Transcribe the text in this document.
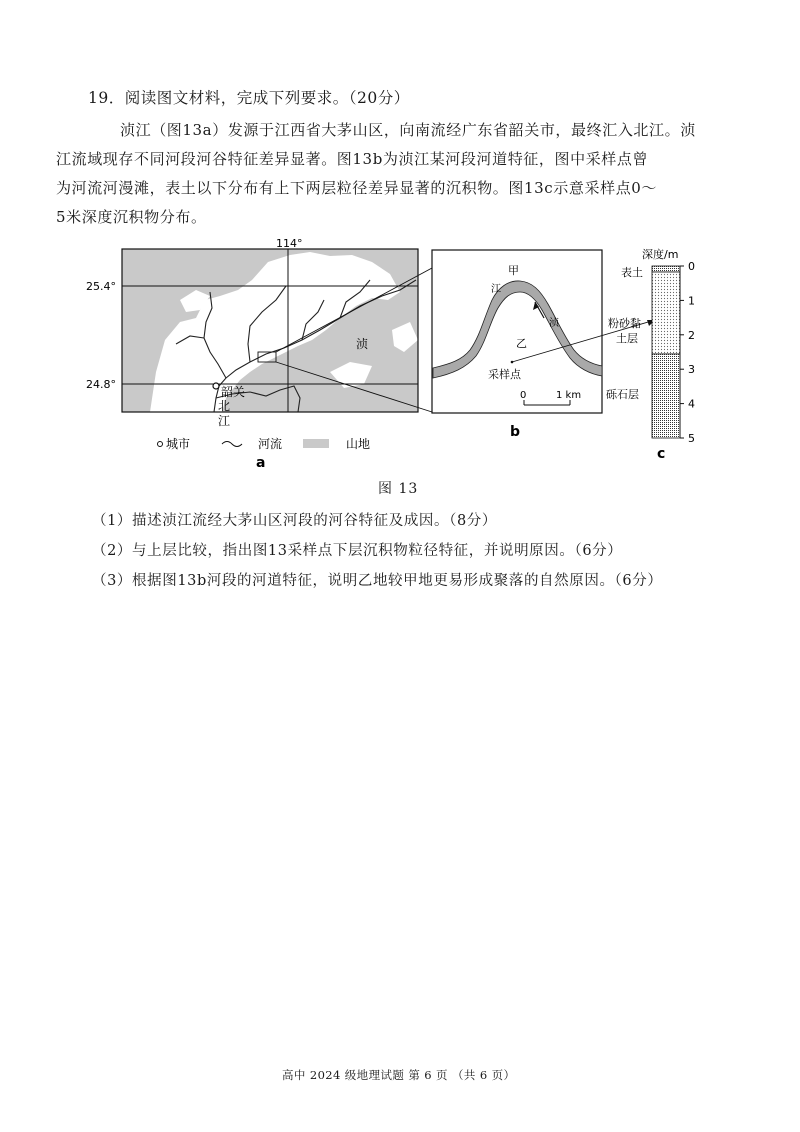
19．阅读图文材料，完成下列要求。（20分）

浈江（图13a）发源于江西省大茅山区，向南流经广东省韶关市，最终汇入北江。浈

江流域现存不同河段河谷特征差异显著。图13b为浈江某河段河道特征，图中采样点曾

为河流河漫滩，表土以下分布有上下两层粒径差异显著的沉积物。图13c示意采样点0～

5米深度沉积物分布。

114°
25.4°
24.8°
浈
韶关
北
江
城市	河流	山地
a
甲
江
浈
乙
采样点
0	1 km
b
深度/m
0
1
2
3
4
5
表土
粉砂黏
土层
砾石层
c
图 13
（1）描述浈江流经大茅山区河段的河谷特征及成因。（8分）
（2）与上层比较，指出图13采样点下层沉积物粒径特征，并说明原因。（6分）
（3）根据图13b河段的河道特征，说明乙地较甲地更易形成聚落的自然原因。（6分）
高中 2024 级地理试题 第 6 页 （共 6 页）
